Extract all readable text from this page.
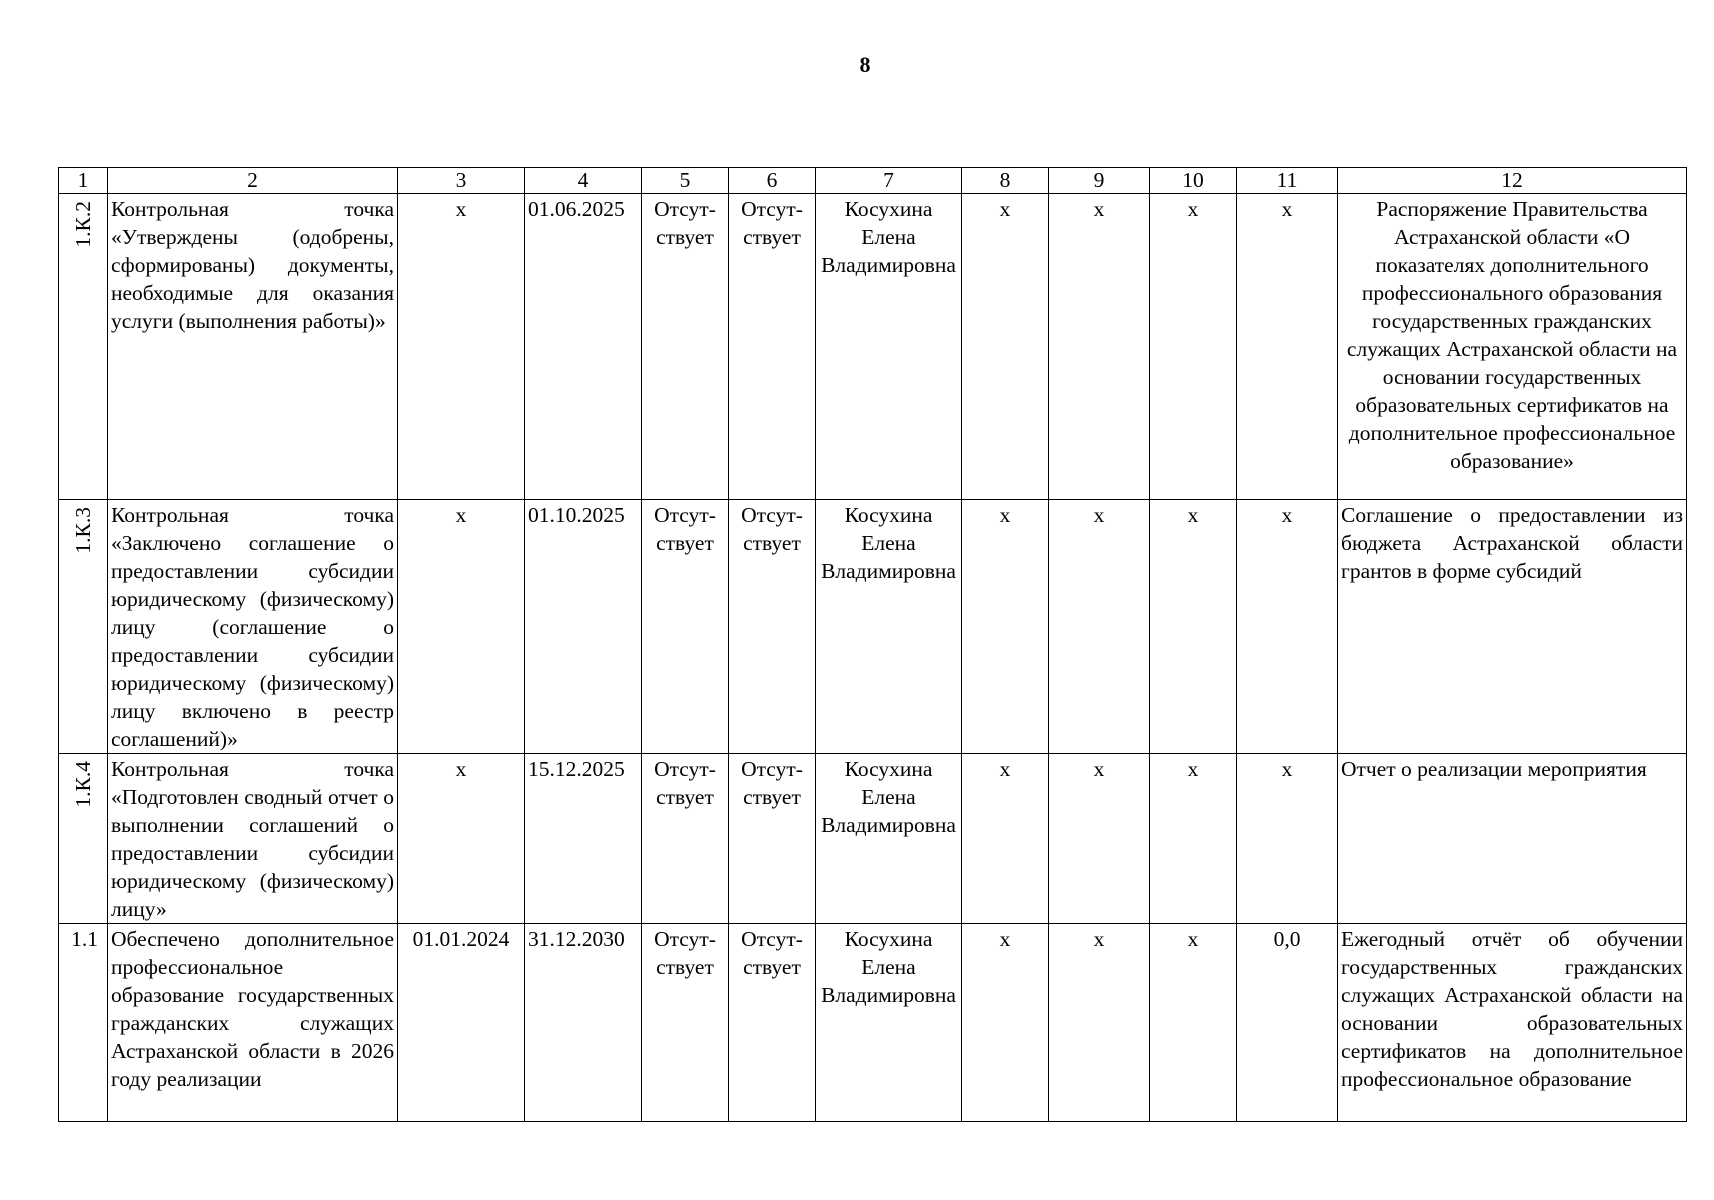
8
1	2	3	4	5	6	7	8	9	10	11	12

1.К.2	Контрольная точка «Утверждены (одобрены, сформированы) документы, необходимые для оказания услуги (выполнения работы)»	х	01.06.2025	Отсут-ствует	Отсут-ствует	Косухина Елена Владимировна	х	х	х	х	Распоряжение Правительства Астраханской области «О показателях дополнительного профессионального образования государственных гражданских служащих Астраханской области на основании государственных образовательных сертификатов на дополнительное профессиональное образование»

1.К.3	Контрольная точка «Заключено соглашение о предоставлении субсидии юридическому (физическому) лицу (соглашение о предоставлении субсидии юридическому (физическому) лицу включено в реестр соглашений)»	х	01.10.2025	Отсут-ствует	Отсут-ствует	Косухина Елена Владимировна	х	х	х	х	Соглашение о предоставлении из бюджета Астраханской области грантов в форме субсидий

1.К.4	Контрольная точка «Подготовлен сводный отчет о выполнении соглашений о предоставлении субсидии юридическому (физическому) лицу»	х	15.12.2025	Отсут-ствует	Отсут-ствует	Косухина Елена Владимировна	х	х	х	х	Отчет о реализации мероприятия

1.1	Обеспечено дополнительное профессиональное образование государственных гражданских служащих Астраханской области в 2026 году реализации	01.01.2024	31.12.2030	Отсут-ствует	Отсут-ствует	Косухина Елена Владимировна	х	х	х	0,0	Ежегодный отчёт об обучении государственных гражданских служащих Астраханской области на основании образовательных сертификатов на дополнительное профессиональное образование
